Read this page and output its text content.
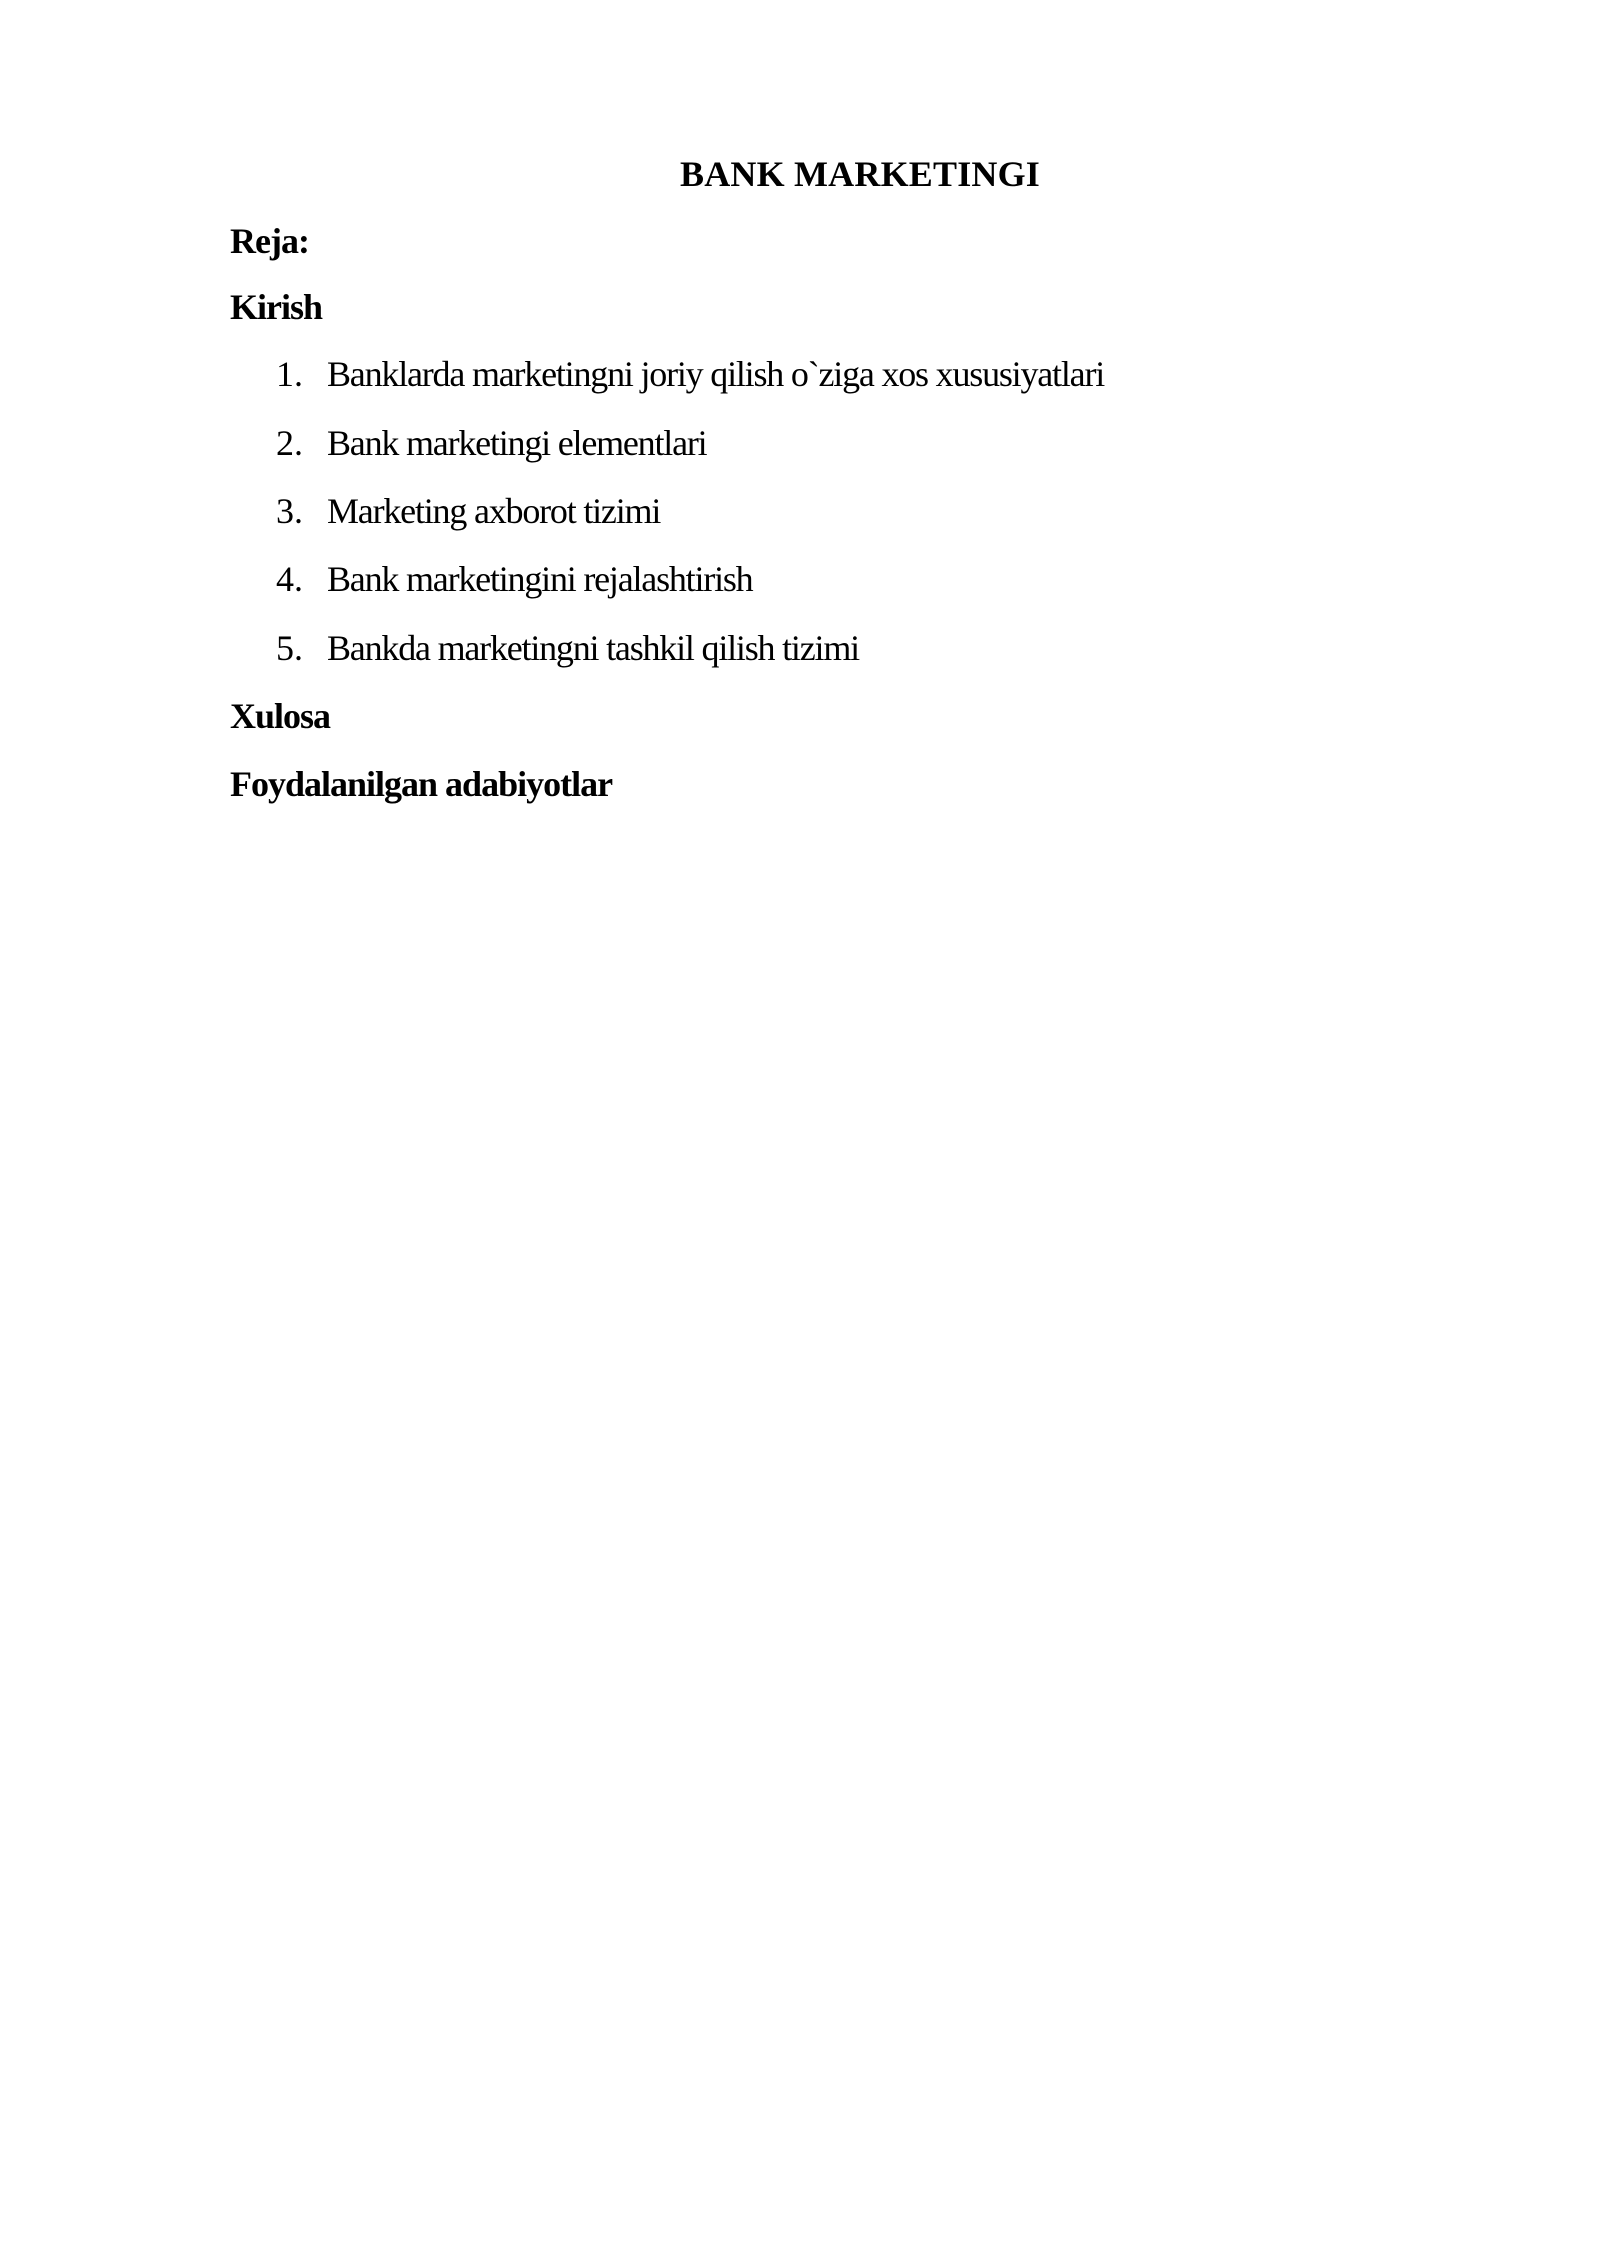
BANK MARKETINGI
Reja:
Kirish
1. Banklarda marketingni joriy qilish o`ziga xos xususiyatlari
2. Bank marketingi elementlari
3. Marketing axborot tizimi
4. Bank marketingini rejalashtirish
5. Bankda marketingni tashkil qilish tizimi
Xulosa
Foydalanilgan adabiyotlar
